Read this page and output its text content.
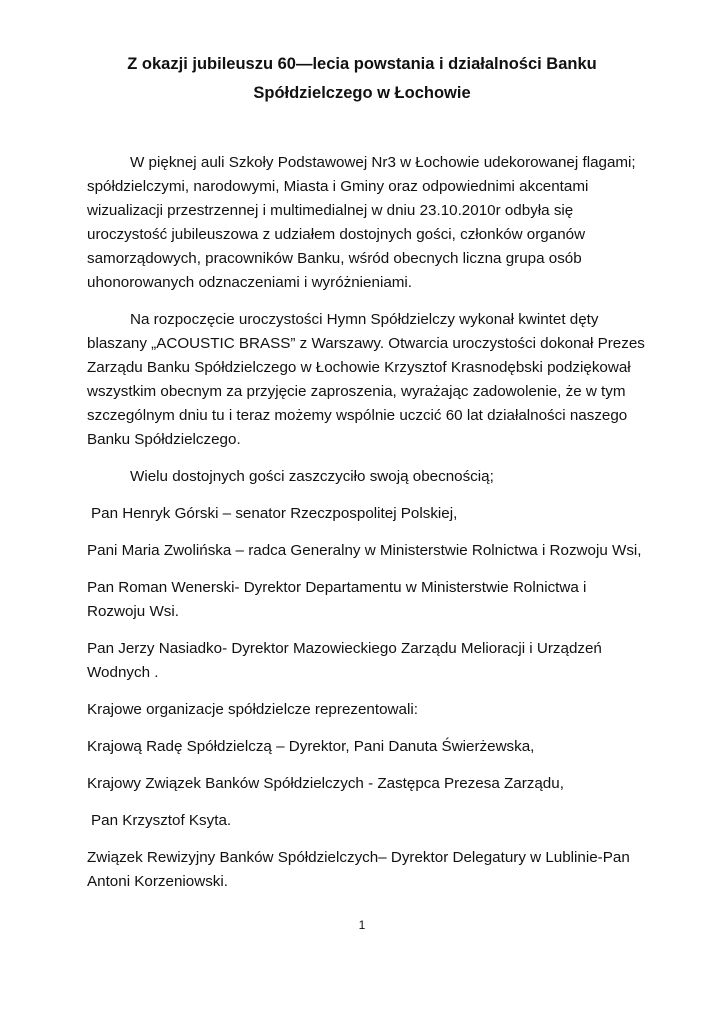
Z okazji jubileuszu 60—lecia powstania i działalności Banku
Spółdzielczego w Łochowie

W pięknej auli Szkoły Podstawowej Nr3 w Łochowie udekorowanej flagami; spółdzielczymi, narodowymi, Miasta i Gminy oraz odpowiednimi akcentami wizualizacji przestrzennej i multimedialnej w dniu 23.10.2010r odbyła się uroczystość jubileuszowa z udziałem dostojnych gości, członków organów samorządowych, pracowników Banku, wśród obecnych liczna grupa osób uhonorowanych odznaczeniami i wyróżnieniami.

Na rozpoczęcie uroczystości Hymn Spółdzielczy wykonał kwintet dęty blaszany „ACOUSTIC BRASS” z Warszawy. Otwarcia uroczystości dokonał Prezes Zarządu Banku Spółdzielczego w Łochowie Krzysztof Krasnodębski podziękował wszystkim obecnym za przyjęcie zaproszenia, wyrażając zadowolenie, że w tym szczególnym dniu tu i teraz możemy wspólnie uczcić 60 lat działalności naszego Banku Spółdzielczego.

Wielu dostojnych gości zaszczyciło swoją obecnością;

Pan Henryk Górski – senator Rzeczpospolitej Polskiej,

Pani Maria Zwolińska – radca Generalny w Ministerstwie Rolnictwa i Rozwoju Wsi,

Pan Roman Wenerski- Dyrektor Departamentu w Ministerstwie Rolnictwa i Rozwoju Wsi.

Pan Jerzy Nasiadko- Dyrektor Mazowieckiego Zarządu Melioracji i Urządzeń Wodnych .

Krajowe organizacje spółdzielcze reprezentowali:

Krajową Radę Spółdzielczą – Dyrektor, Pani Danuta Świerżewska,

Krajowy Związek Banków Spółdzielczych - Zastępca Prezesa Zarządu,

Pan Krzysztof Ksyta.

Związek Rewizyjny Banków Spółdzielczych– Dyrektor Delegatury w Lublinie-Pan Antoni Korzeniowski.

1
